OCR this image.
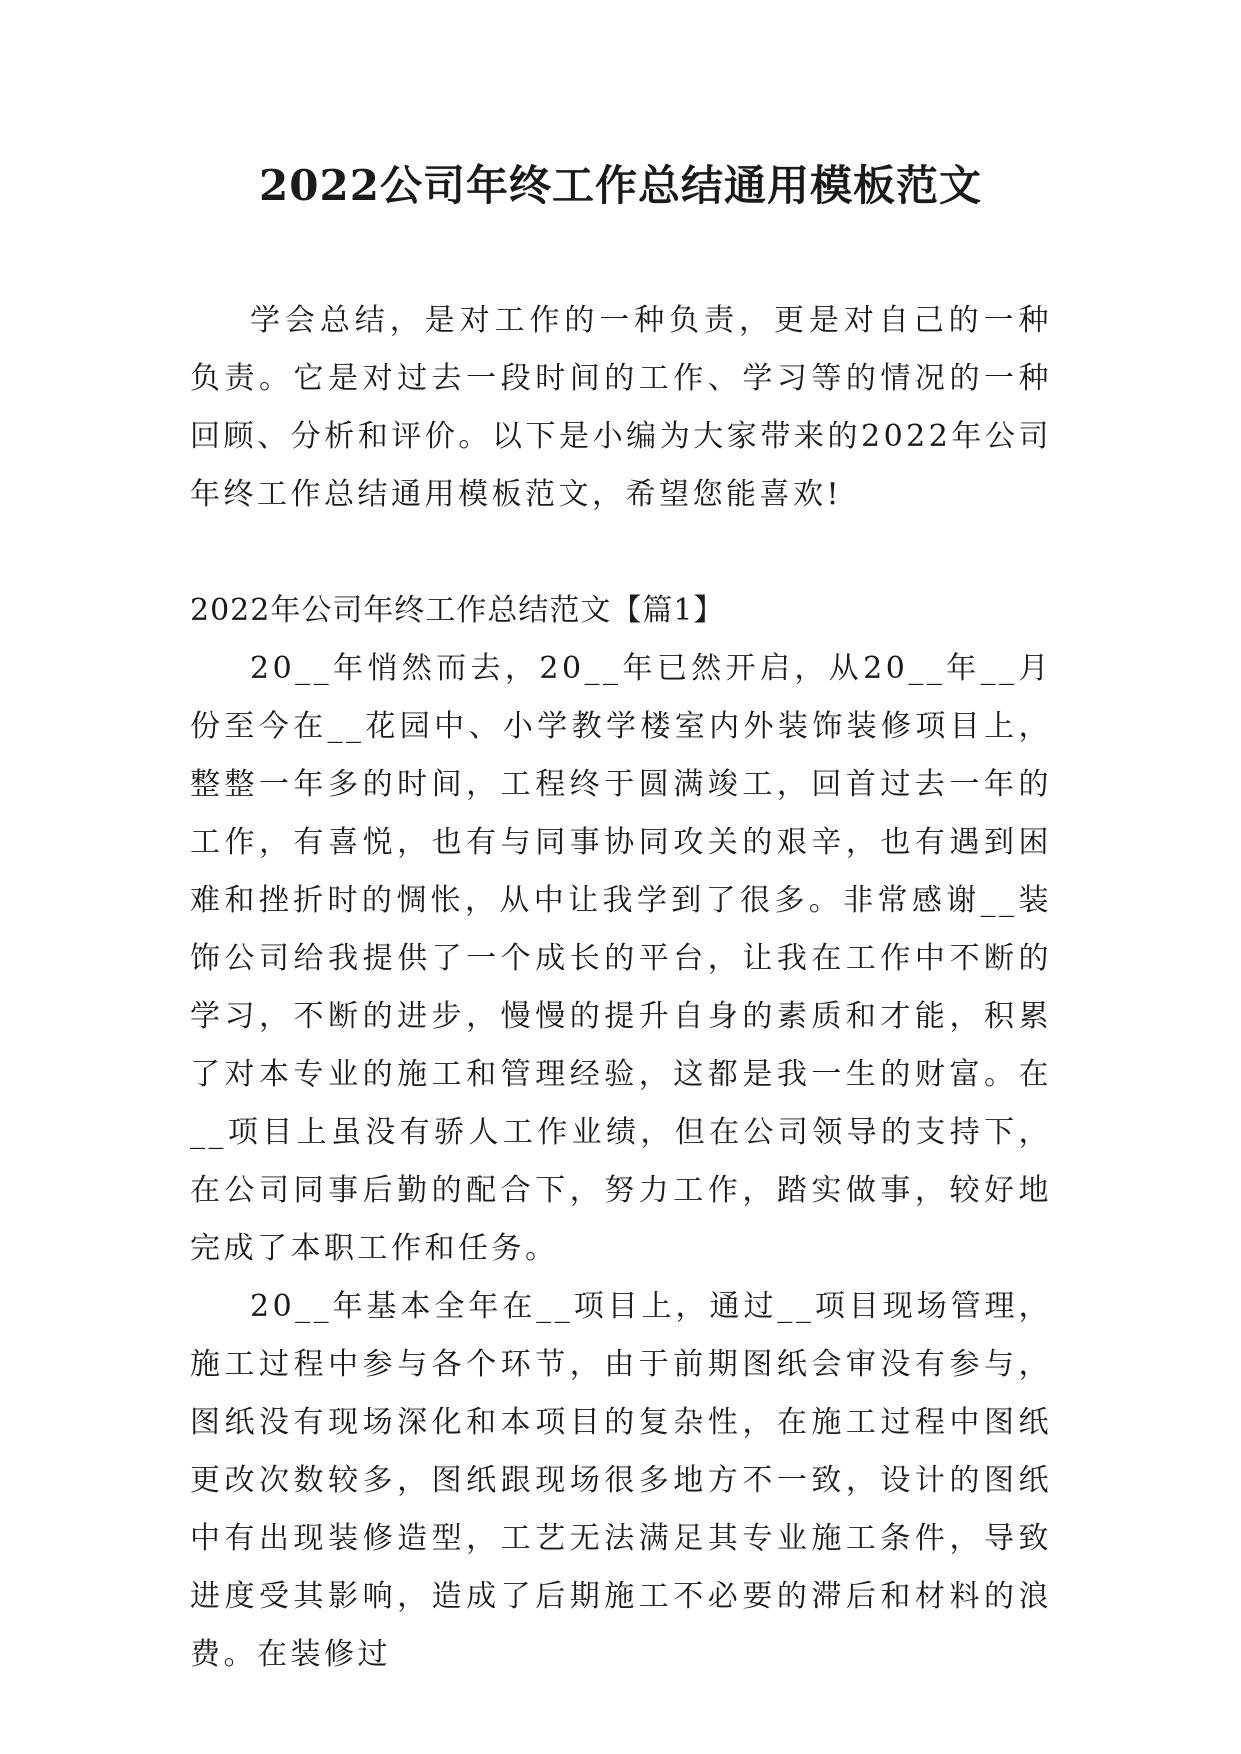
2022公司年终工作总结通用模板范文

学会总结，是对工作的一种负责，更是对自己的一种负责。它是对过去一段时间的工作、学习等的情况的一种回顾、分析和评价。以下是小编为大家带来的2022年公司年终工作总结通用模板范文，希望您能喜欢!

2022年公司年终工作总结范文【篇1】

20__年悄然而去，20__年已然开启，从20__年__月份至今在__花园中、小学教学楼室内外装饰装修项目上，整整一年多的时间，工程终于圆满竣工，回首过去一年的工作，有喜悦，也有与同事协同攻关的艰辛，也有遇到困难和挫折时的惆怅，从中让我学到了很多。非常感谢__装饰公司给我提供了一个成长的平台，让我在工作中不断的学习，不断的进步，慢慢的提升自身的素质和才能，积累了对本专业的施工和管理经验，这都是我一生的财富。在__项目上虽没有骄人工作业绩，但在公司领导的支持下，在公司同事后勤的配合下，努力工作，踏实做事，较好地完成了本职工作和任务。

20__年基本全年在__项目上，通过__项目现场管理，施工过程中参与各个环节，由于前期图纸会审没有参与，图纸没有现场深化和本项目的复杂性，在施工过程中图纸更改次数较多，图纸跟现场很多地方不一致，设计的图纸中有出现装修造型，工艺无法满足其专业施工条件，导致进度受其影响，造成了后期施工不必要的滞后和材料的浪费。在装修过
